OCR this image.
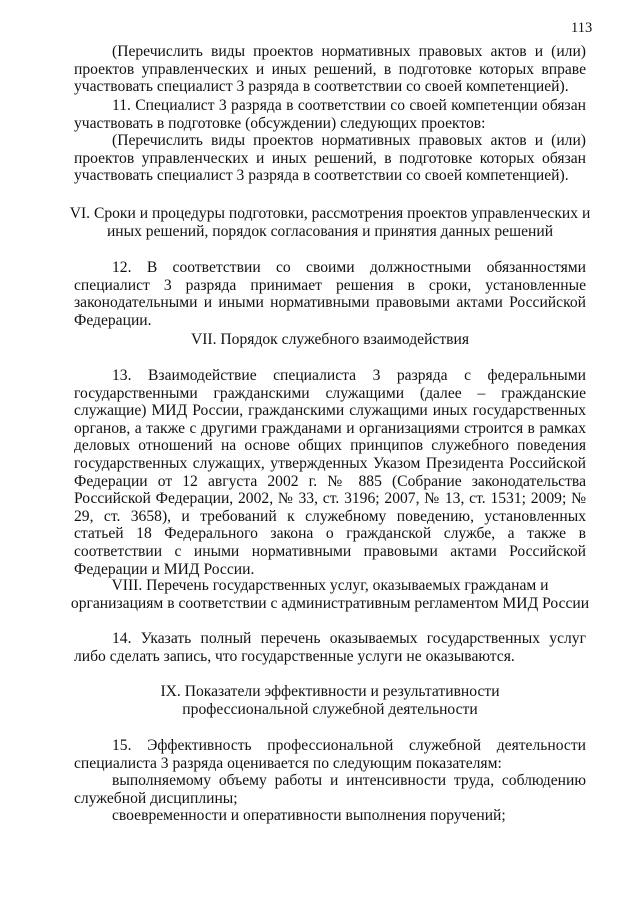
113

(Перечислить виды проектов нормативных правовых актов и (или) проектов управленческих и иных решений, в подготовке которых вправе участвовать специалист 3 разряда в соответствии со своей компетенцией).

11. Специалист 3 разряда в соответствии со своей компетенции обязан участвовать в подготовке (обсуждении) следующих проектов:

(Перечислить виды проектов нормативных правовых актов и (или) проектов управленческих и иных решений, в подготовке которых обязан участвовать специалист 3 разряда в соответствии со своей компетенцией).

VI. Сроки и процедуры подготовки, рассмотрения проектов управленческих и иных решений, порядок согласования и принятия данных решений

12. В соответствии со своими должностными обязанностями специалист 3 разряда принимает решения в сроки, установленные законодательными и иными нормативными правовыми актами Российской Федерации.

VII. Порядок служебного взаимодействия

13. Взаимодействие специалиста 3 разряда с федеральными государственными гражданскими служащими (далее – гражданские служащие) МИД России, гражданскими служащими иных государственных органов, а также с другими гражданами и организациями строится в рамках деловых отношений на основе общих принципов служебного поведения государственных служащих, утвержденных Указом Президента Российской Федерации от 12 августа 2002 г. № 885 (Собрание законодательства Российской Федерации, 2002, № 33, ст. 3196; 2007, № 13, ст. 1531; 2009; № 29, ст. 3658), и требований к служебному поведению, установленных статьей 18 Федерального закона о гражданской службе, а также в соответствии с иными нормативными правовыми актами Российской Федерации и МИД России.

VIII. Перечень государственных услуг, оказываемых гражданам и организациям в соответствии с административным регламентом МИД России

14. Указать полный перечень оказываемых государственных услуг либо сделать запись, что государственные услуги не оказываются.

IX. Показатели эффективности и результативности профессиональной служебной деятельности

15. Эффективность профессиональной служебной деятельности специалиста 3 разряда оценивается по следующим показателям:

выполняемому объему работы и интенсивности труда, соблюдению служебной дисциплины;

своевременности и оперативности выполнения поручений;
